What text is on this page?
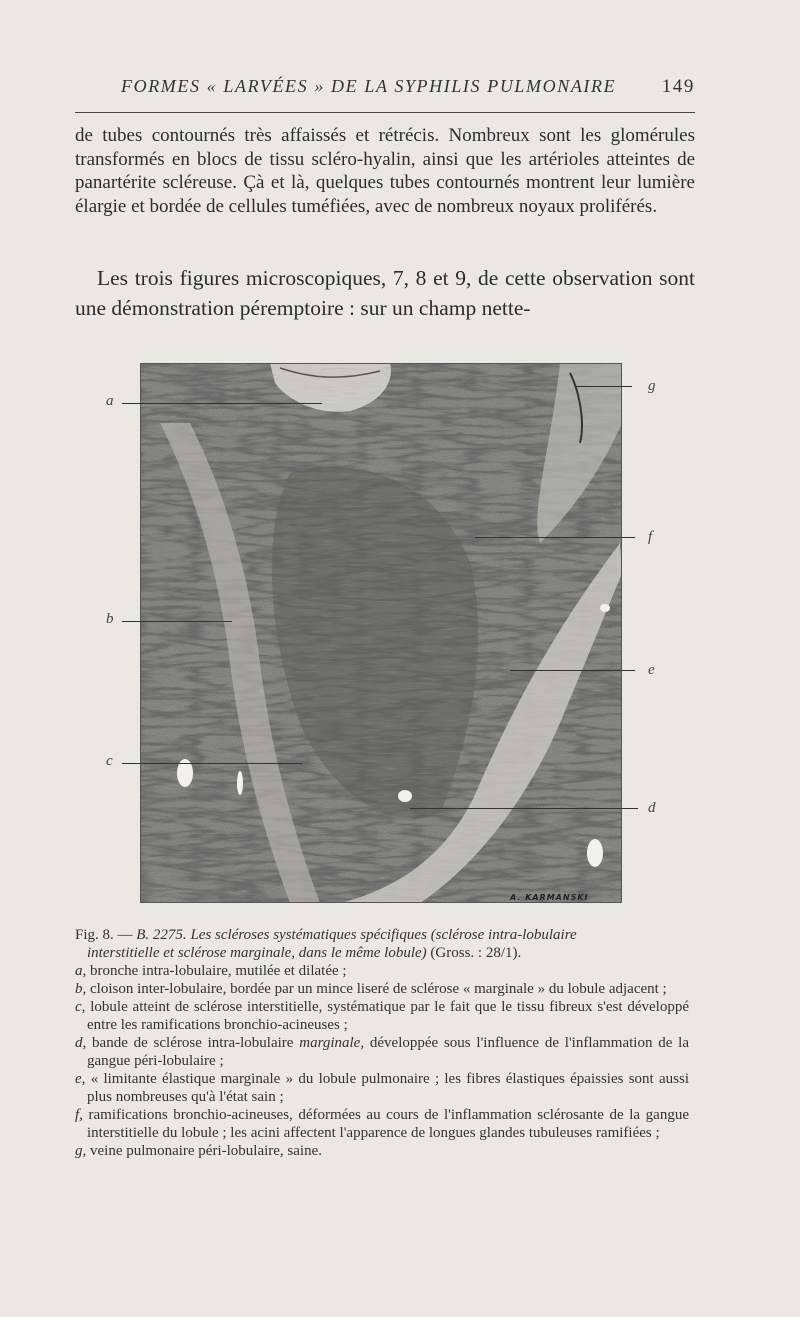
FORMES « LARVÉES » DE LA SYPHILIS PULMONAIRE 149

de tubes contournés très affaissés et rétrécis. Nombreux sont les glomérules transformés en blocs de tissu scléro-hyalin, ainsi que les artérioles atteintes de panartérite scléreuse. Çà et là, quelques tubes contournés montrent leur lumière élargie et bordée de cellules tuméfiées, avec de nombreux noyaux proliférés.

Les trois figures microscopiques, 7, 8 et 9, de cette observation sont une démonstration péremptoire : sur un champ nette-

a
g
f
b
e
c
d
A. KARMANSKI

Fig. 8. — B. 2275. Les scléroses systématiques spécifiques (sclérose intra-lobulaire
interstitielle et sclérose marginale, dans le même lobule) (Gross. : 28/1).

a, bronche intra-lobulaire, mutilée et dilatée ;
b, cloison inter-lobulaire, bordée par un mince liseré de sclérose « marginale » du lobule adjacent ;
c, lobule atteint de sclérose interstitielle, systématique par le fait que le tissu fibreux s'est développé entre les ramifications bronchio-acineuses ;
d, bande de sclérose intra-lobulaire marginale, développée sous l'influence de l'inflammation de la gangue péri-lobulaire ;
e, « limitante élastique marginale » du lobule pulmonaire ; les fibres élastiques épaissies sont aussi plus nombreuses qu'à l'état sain ;
f, ramifications bronchio-acineuses, déformées au cours de l'inflammation sclérosante de la gangue interstitielle du lobule ; les acini affectent l'apparence de longues glandes tubuleuses ramifiées ;
g, veine pulmonaire péri-lobulaire, saine.
